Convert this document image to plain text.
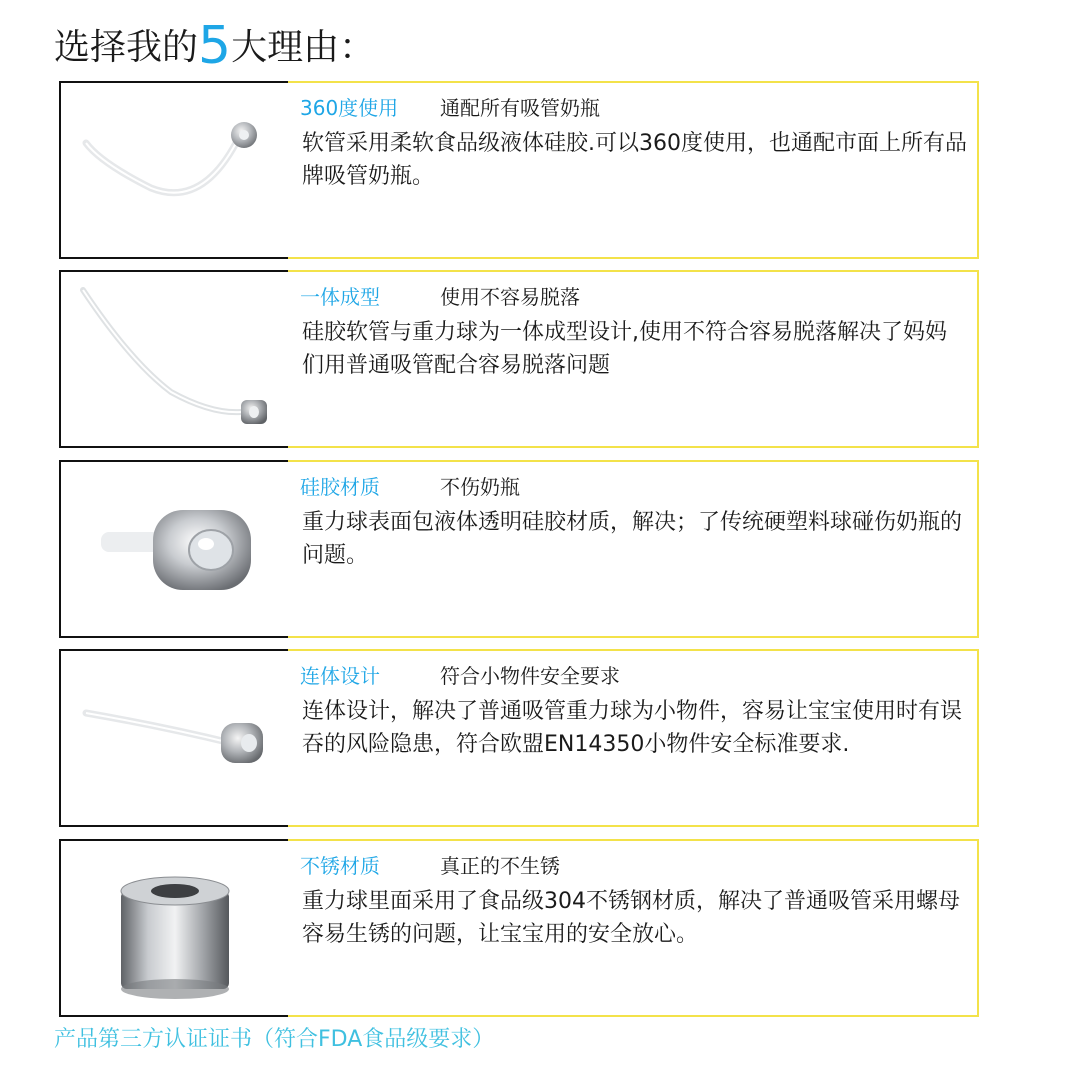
选择我的5大理由：
360度使用 通配所有吸管奶瓶
软管采用柔软食品级液体硅胶.可以360度使用，也通配市面上所有品牌吸管奶瓶。
一体成型	使用不容易脱落
硅胶软管与重力球为一体成型设计,使用不符合容易脱落解决了妈妈们用普通吸管配合容易脱落问题
硅胶材质	不伤奶瓶
重力球表面包液体透明硅胶材质，解决；了传统硬塑料球碰伤奶瓶的问题。
连体设计	符合小物件安全要求
连体设计，解决了普通吸管重力球为小物件，容易让宝宝使用时有误吞的风险隐患，符合欧盟EN14350小物件安全标准要求.
不锈材质	真正的不生锈
重力球里面采用了食品级304不锈钢材质，解决了普通吸管采用螺母容易生锈的问题，让宝宝用的安全放心。
产品第三方认证证书（符合FDA食品级要求）
